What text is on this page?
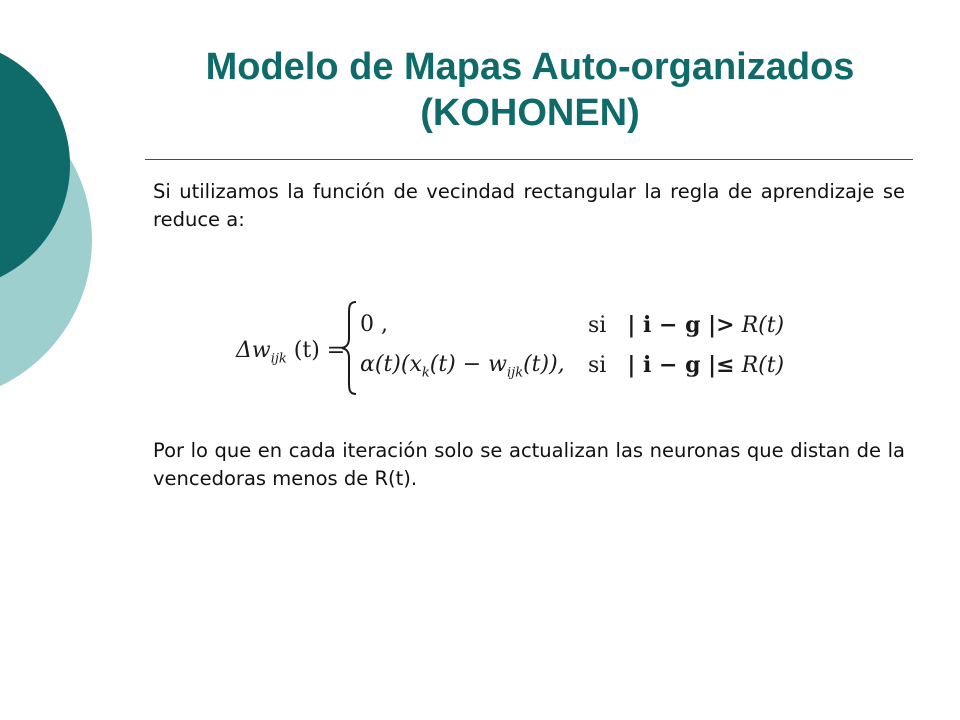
Modelo de Mapas Auto-organizados
(KOHONEN)

Si utilizamos la función de vecindad rectangular la regla de aprendizaje se reduce a:

$\Delta w_{ijk}$ (t) =
0 ,
$\alpha(t)(x_k(t) - w_{ijk}(t))$,
si | i − g |> R(t)
si | i − g |≤ R(t)

Por lo que en cada iteración solo se actualizan las neuronas que distan de la vencedoras menos de R(t).
